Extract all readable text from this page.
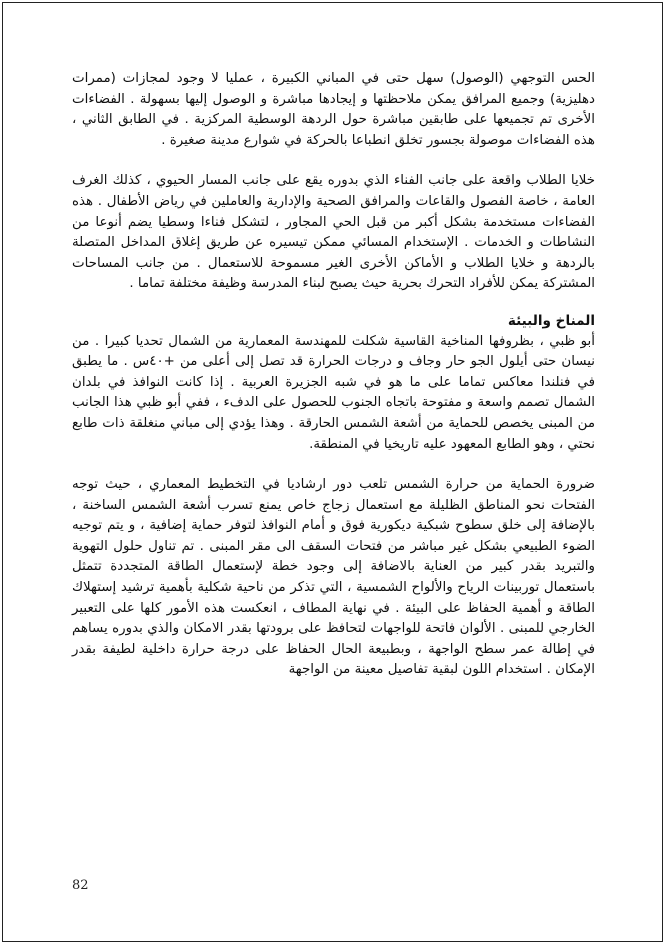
الحس التوجهي (الوصول) سهل حتى في المباني الكبيرة ، عمليا لا وجود لمجازات (ممرات دهليزية) وجميع المرافق يمكن ملاحظتها و إيجادها مباشرة و الوصول إليها بسهولة . الفضاءات الأخرى تم تجميعها على طابقين مباشرة حول الردهة الوسطية المركزية . في الطابق الثاني ، هذه الفضاءات موصولة بجسور تخلق انطباعا بالحركة في شوارع مدينة صغيرة .

خلايا الطلاب واقعة على جانب الفناء الذي بدوره يقع على جانب المسار الحيوي ، كذلك الغرف العامة ، خاصة الفصول والقاعات والمرافق الصحية والإدارية والعاملين في رياض الأطفال . هذه الفضاءات مستخدمة بشكل أكبر من قبل الحي المجاور ، لتشكل فناءا وسطيا يضم أنوعا من النشاطات و الخدمات . الإستخدام المسائي ممكن تيسيره عن طريق إغلاق المداخل المتصلة بالردهة و خلايا الطلاب و الأماكن الأخرى الغير مسموحة للاستعمال . من جانب المساحات المشتركة يمكن للأفراد التحرك بحرية حيث يصبح لبناء المدرسة وظيفة مختلفة تماما .

المناخ والبيئة

أبو ظبي ، بظروفها المناخية القاسية شكلت للمهندسة المعمارية من الشمال تحديا كبيرا . من نيسان حتى أيلول الجو حار وجاف و درجات الحرارة قد تصل إلى أعلى من +٤٠س . ما يطبق في فنلندا معاكس تماما على ما هو في شبه الجزيرة العربية . إذا كانت النوافذ في بلدان الشمال تصمم واسعة و مفتوحة باتجاه الجنوب للحصول على الدفء ، ففي أبو ظبي هذا الجانب من المبنى يخصص للحماية من أشعة الشمس الحارقة . وهذا يؤدي إلى مباني منغلقة ذات طابع نحتي ، وهو الطابع المعهود عليه تاريخيا في المنطقة.

ضرورة الحماية من حرارة الشمس تلعب دور ارشاديا في التخطيط المعماري ، حيث توجه الفتحات نحو المناطق الظليلة مع استعمال زجاج خاص يمنع تسرب أشعة الشمس الساخنة ، بالإضافة إلى خلق سطوح شبكية ديكورية فوق و أمام النوافذ لتوفر حماية إضافية ، و يتم توجيه الضوء الطبيعي بشكل غير مباشر من فتحات السقف الى مقر المبنى . تم تناول حلول التهوية والتبريد بقدر كبير من العناية بالاضافة إلى وجود خطة لإستعمال الطاقة المتجددة تتمثل باستعمال توربينات الرياح والألواح الشمسية ، التي تذكر من ناحية شكلية بأهمية ترشيد إستهلاك الطاقة و أهمية الحفاظ على البيئة . في نهاية المطاف ، انعكست هذه الأمور كلها على التعبير الخارجي للمبنى . الألوان فاتحة للواجهات لتحافظ على برودتها بقدر الامكان والذي بدوره يساهم في إطالة عمر سطح الواجهة ، وبطبيعة الحال الحفاظ على درجة حرارة داخلية لطيفة بقدر الإمكان . استخدام اللون لبقية تفاصيل معينة من الواجهة

82
